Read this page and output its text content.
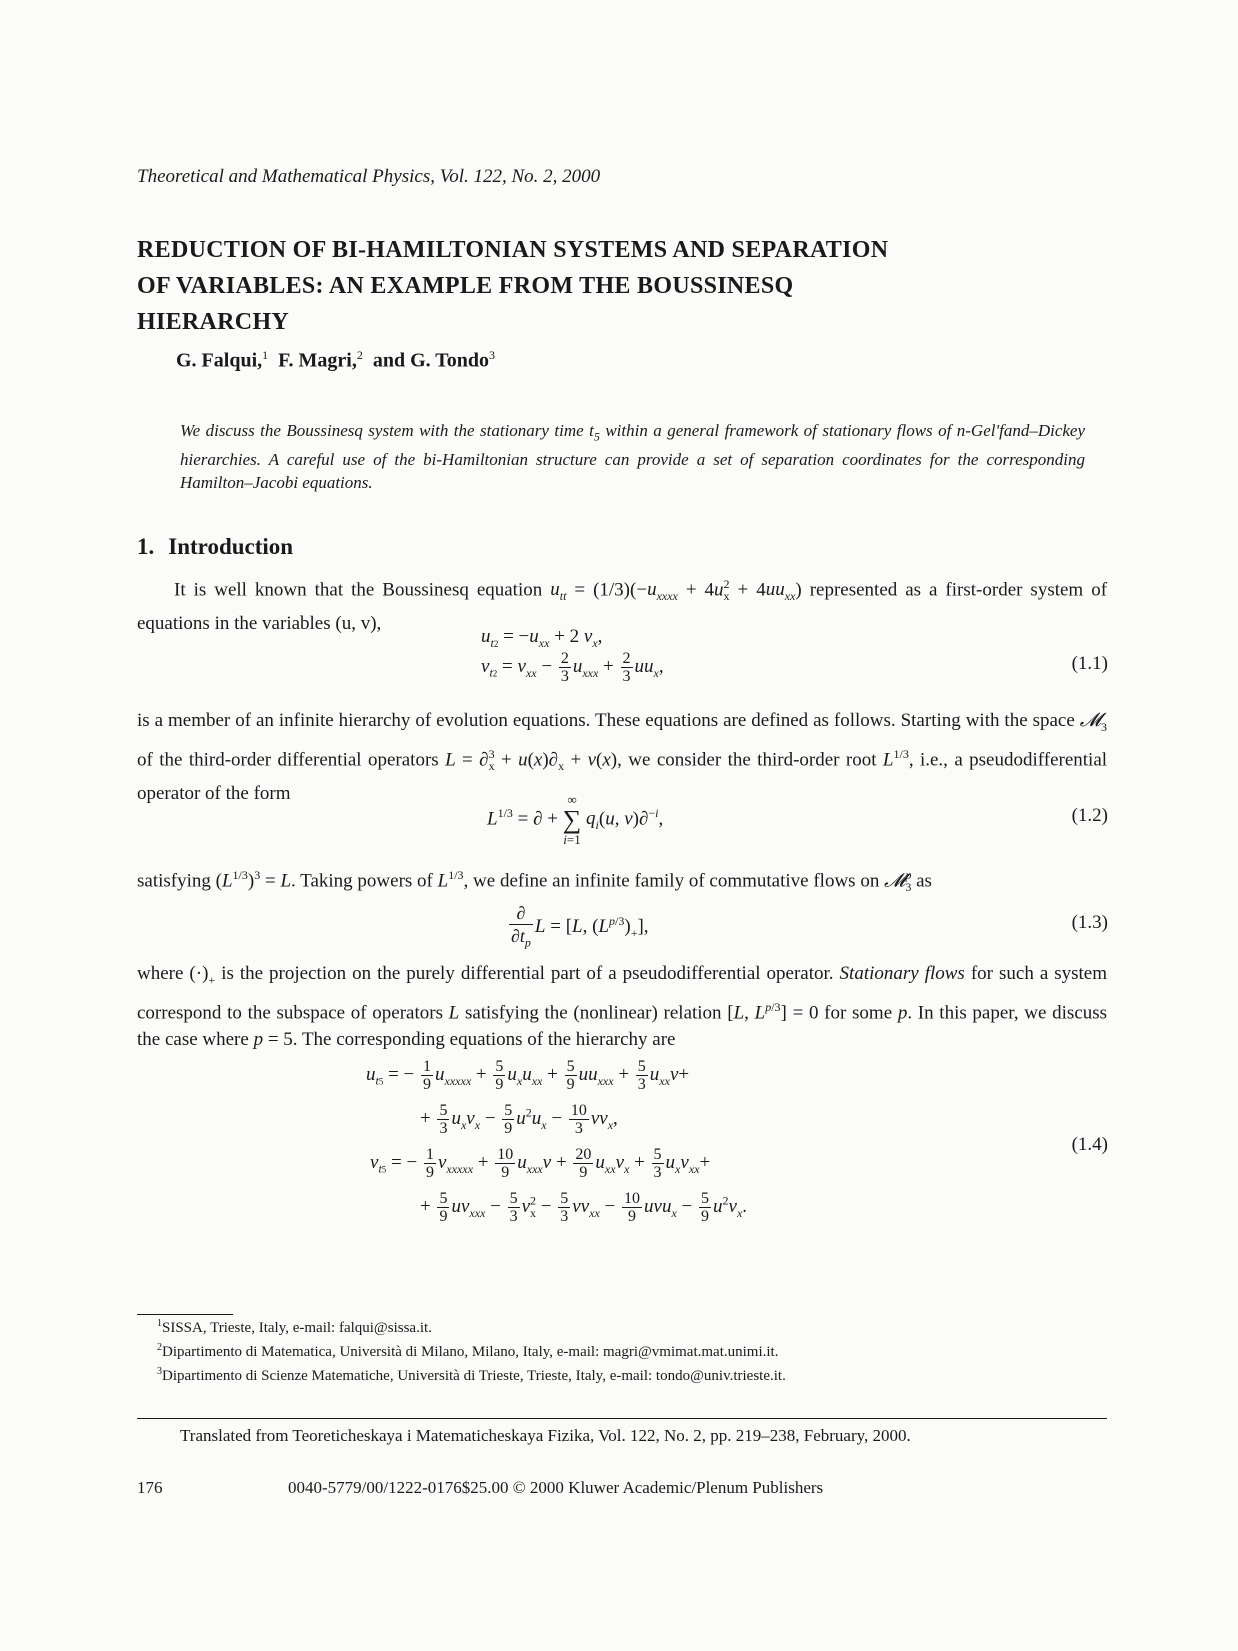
Theoretical and Mathematical Physics, Vol. 122, No. 2, 2000
REDUCTION OF BI-HAMILTONIAN SYSTEMS AND SEPARATION
OF VARIABLES: AN EXAMPLE FROM THE BOUSSINESQ
HIERARCHY
G. Falqui,$^1$ F. Magri,$^2$ and G. Tondo$^3$
We discuss the Boussinesq system with the stationary time $t_5$ within a general framework of stationary flows of n-Gel'fand–Dickey hierarchies. A careful use of the bi-Hamiltonian structure can provide a set of separation coordinates for the corresponding Hamilton–Jacobi equations.
1. Introduction
It is well known that the Boussinesq equation $u_{tt} = (1/3)(-u_{xxxx} + 4u^2_x + 4uu_{xx})$ represented as a first-order system of equations in the variables (u, v),
$u_{t2} = -u_{xx} + 2$ $v_x$,
$v_{t2} = v_{xx} - \frac{2}{3} u_{xxx} + \frac{2}{3} uu_x$,	(1.1)
is a member of an infinite hierarchy of evolution equations. These equations are defined as follows. Starting with the space 𝓜$_3$ of the third-order differential operators $L = \partial^3_x + u(x)\partial_x + v(x)$, we consider the third-order root $L^{1/3}$, i.e., a pseudodifferential operator of the form
$L^{1/3}$ = ∂ +
∞
∑
i=1
$q_i(u$, v)∂$^{-i}$,	(1.2)
satisfying $(L^{1/3})^3 = L$. Taking powers of $L^{1/3}$, we define an infinite family of commutative flows on 𝓜$^p_3$ as
$\frac{\partial}{\partial t_p}$ L = [L, $(L^{p/3})_+$],	(1.3)
where $(\cdot)_+$ is the projection on the purely differential part of a pseudodifferential operator. Stationary flows for such a system correspond to the subspace of operators L satisfying the (nonlinear) relation [L, $L^{p/3}] = 0$ for some p. In this paper, we discuss the case where p = 5. The corresponding equations of the hierarchy are
$u_{t5}$ = − $\frac{1}{9} u_{xxxxx} + \frac{5}{9} u_xu_{xx} + \frac{5}{9} uu_{xxx} + \frac{5}{3} u_{xx}v+$
+ $\frac{5}{3} u_xv_x - \frac{5}{9} u^2u_x - \frac{10}{3} vv_x$,
$v_{t5}$ = − $\frac{1}{9} v_{xxxxx} + \frac{10}{9} u_{xxx}v + \frac{20}{9} u_{xx}v_x + \frac{5}{3} u_xv_{xx}+$
+ $\frac{5}{9} uv_{xxx} - \frac{5}{3} v^2_x - \frac{5}{3} vv_{xx} - \frac{10}{9} uvu_x - \frac{5}{9} u^2v_x$.
(1.4)
$^1$SISSA, Trieste, Italy, e-mail: falqui@sissa.it.
$^2$Dipartimento di Matematica, Università di Milano, Milano, Italy, e-mail: magri@vmimat.mat.unimi.it.
$^3$Dipartimento di Scienze Matematiche, Università di Trieste, Trieste, Italy, e-mail: tondo@univ.trieste.it.
Translated from Teoreticheskaya i Matematicheskaya Fizika, Vol. 122, No. 2, pp. 219–238, February, 2000.
176	0040-5779/00/1222-0176$25.00 © 2000 Kluwer Academic/Plenum Publishers
